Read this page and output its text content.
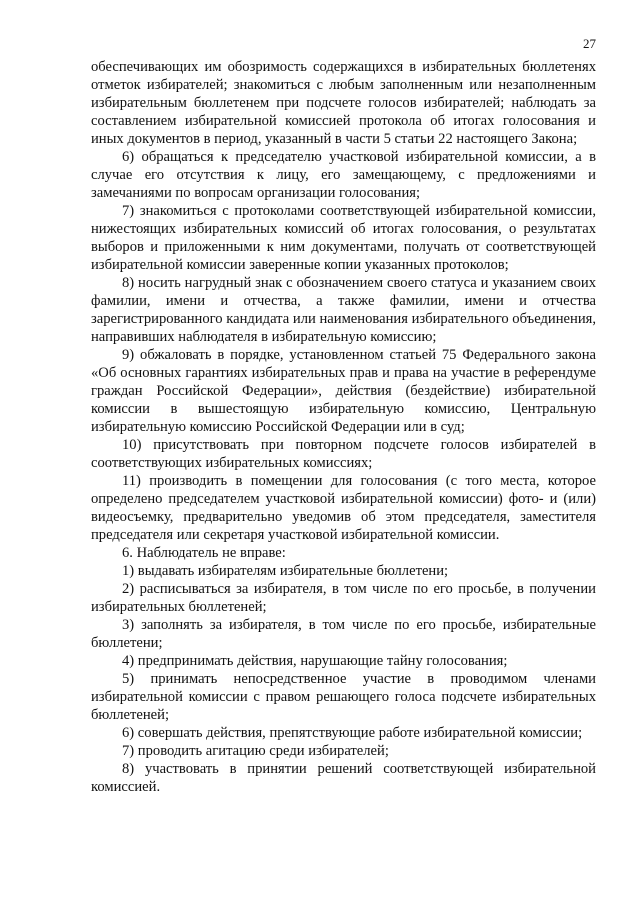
27

обеспечивающих им обозримость содержащихся в избирательных бюллетенях отметок избирателей; знакомиться с любым заполненным или незаполненным избирательным бюллетенем при подсчете голосов избирателей; наблюдать за составлением избирательной комиссией протокола об итогах голосования и иных документов в период, указанный в части 5 статьи 22 настоящего Закона;

6) обращаться к председателю участковой избирательной комиссии, а в случае его отсутствия к лицу, его замещающему, с предложениями и замечаниями по вопросам организации голосования;

7) знакомиться с протоколами соответствующей избирательной комиссии, нижестоящих избирательных комиссий об итогах голосования, о результатах выборов и приложенными к ним документами, получать от соответствующей избирательной комиссии заверенные копии указанных протоколов;

8) носить нагрудный знак с обозначением своего статуса и указанием своих фамилии, имени и отчества, а также фамилии, имени и отчества зарегистрированного кандидата или наименования избирательного объединения, направивших наблюдателя в избирательную комиссию;

9) обжаловать в порядке, установленном статьей 75 Федерального закона «Об основных гарантиях избирательных прав и права на участие в референдуме граждан Российской Федерации», действия (бездействие) избирательной комиссии в вышестоящую избирательную комиссию, Центральную избирательную комиссию Российской Федерации или в суд;

10) присутствовать при повторном подсчете голосов избирателей в соответствующих избирательных комиссиях;

11) производить в помещении для голосования (с того места, которое определено председателем участковой избирательной комиссии) фото- и (или) видеосъемку, предварительно уведомив об этом председателя, заместителя председателя или секретаря участковой избирательной комиссии.

6. Наблюдатель не вправе:

1) выдавать избирателям избирательные бюллетени;

2) расписываться за избирателя, в том числе по его просьбе, в получении избирательных бюллетеней;

3) заполнять за избирателя, в том числе по его просьбе, избирательные бюллетени;

4) предпринимать действия, нарушающие тайну голосования;

5) принимать непосредственное участие в проводимом членами избирательной комиссии с правом решающего голоса подсчете избирательных бюллетеней;

6) совершать действия, препятствующие работе избирательной комиссии;

7) проводить агитацию среди избирателей;

8) участвовать в принятии решений соответствующей избирательной комиссией.
